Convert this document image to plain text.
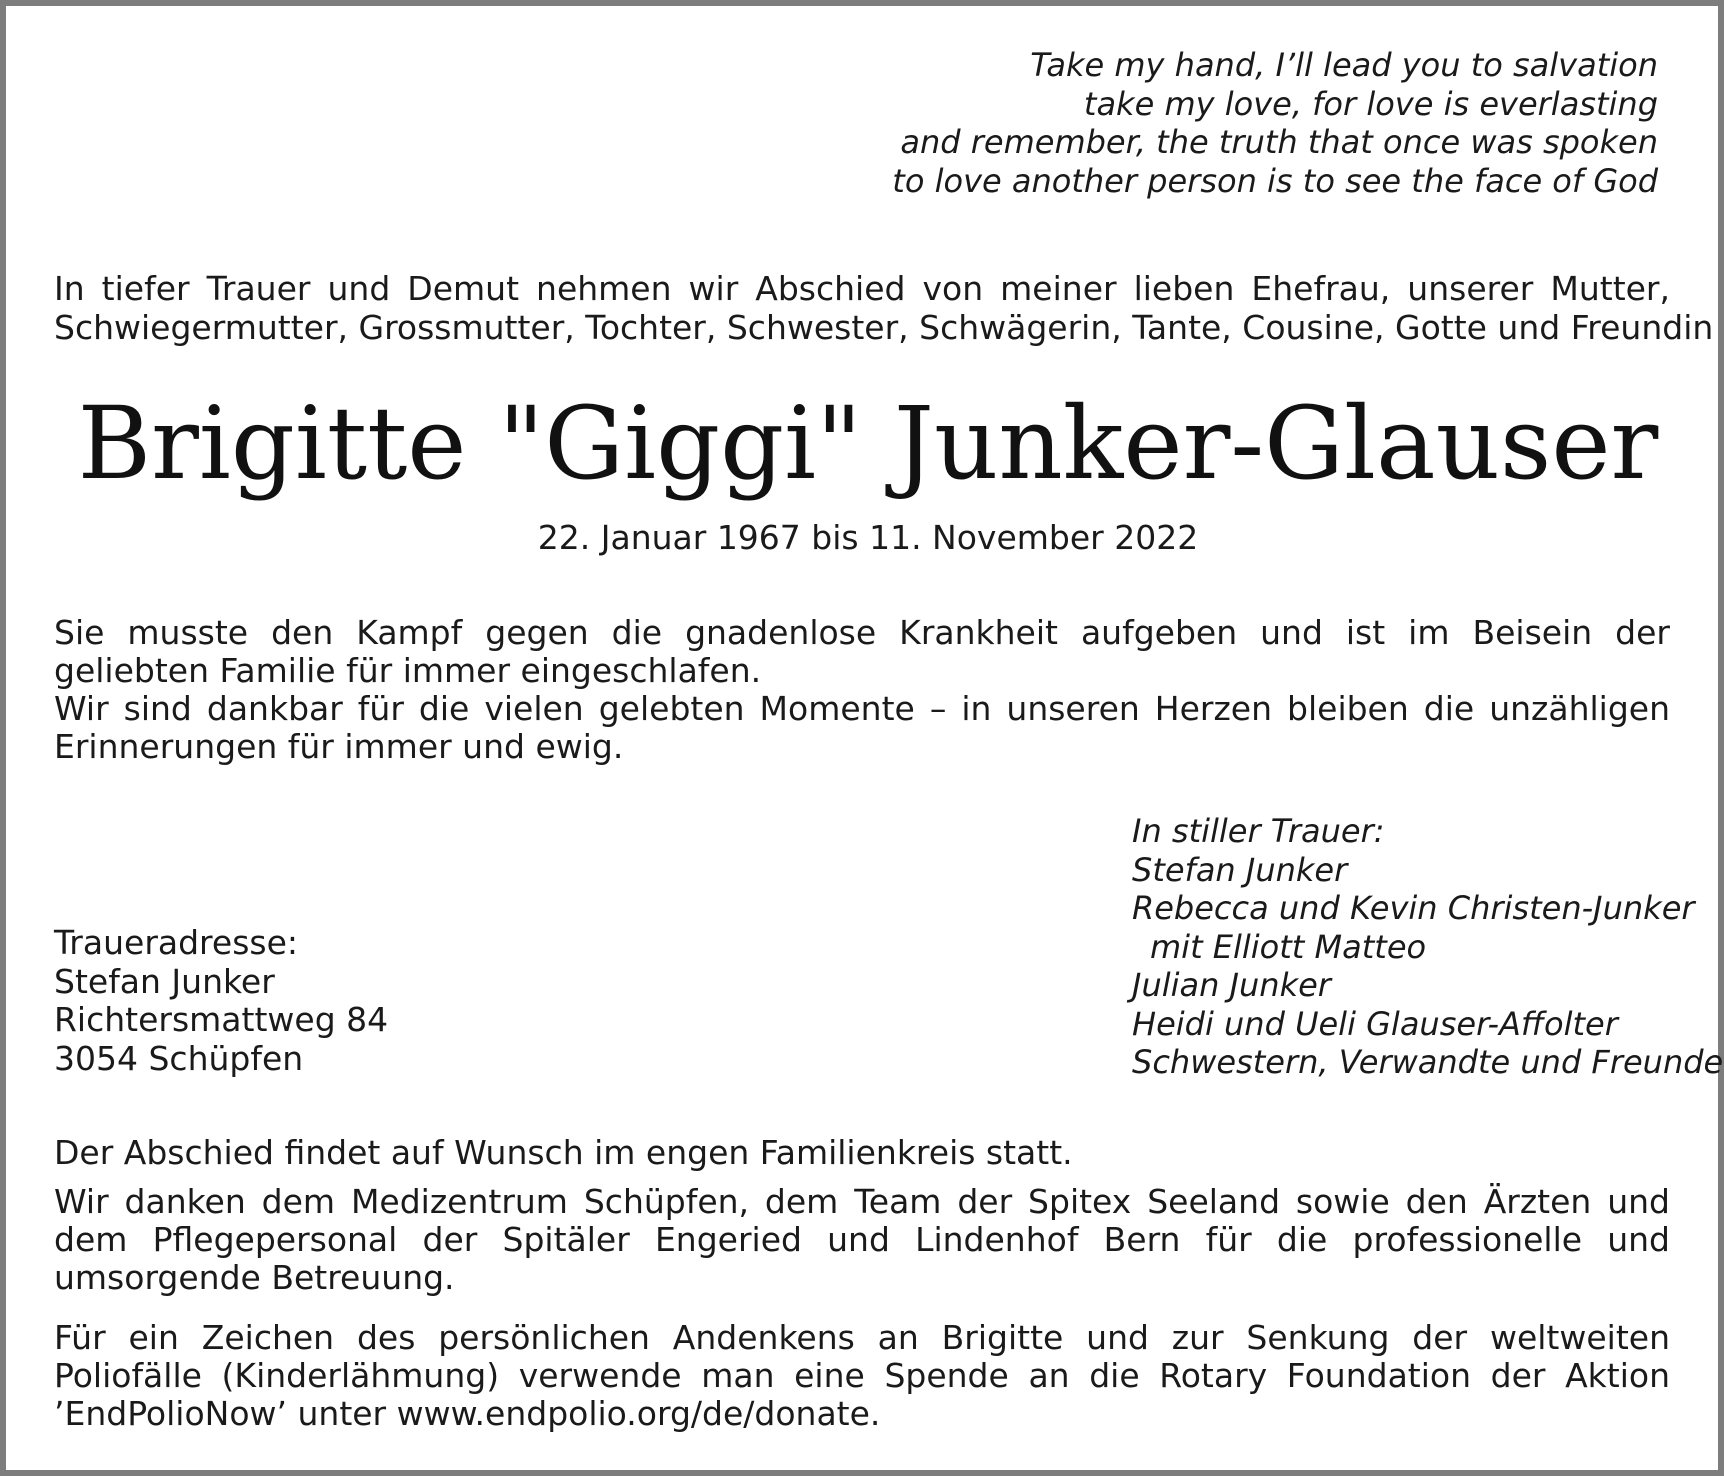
Take my hand, I’ll lead you to salvation
take my love, for love is everlasting
and remember, the truth that once was spoken
to love another person is to see the face of God

In tiefer Trauer und Demut nehmen wir Abschied von meiner lieben Ehefrau, unserer Mutter,

Schwiegermutter, Grossmutter, Tochter, Schwester, Schwägerin, Tante, Cousine, Gotte und Freundin

Brigitte "Giggi" Junker-Glauser

22. Januar 1967 bis 11. November 2022

Sie musste den Kampf gegen die gnadenlose Krankheit aufgeben und ist im Beisein der geliebten Familie für immer eingeschlafen.

Wir sind dankbar für die vielen gelebten Momente – in unseren Herzen bleiben die unzähligen Erinnerungen für immer und ewig.

In stiller Trauer:
Stefan Junker
Rebecca und Kevin Christen-Junker
mit Elliott Matteo
Julian Junker
Heidi und Ueli Glauser-Affolter
Schwestern, Verwandte und Freunde
Traueradresse:
Stefan Junker
Richtersmattweg 84
3054 Schüpfen

Der Abschied findet auf Wunsch im engen Familienkreis statt.

Wir danken dem Medizentrum Schüpfen, dem Team der Spitex Seeland sowie den Ärzten und dem Pflegepersonal der Spitäler Engeried und Lindenhof Bern für die professionelle und umsorgende Betreuung.

Für ein Zeichen des persönlichen Andenkens an Brigitte und zur Senkung der weltweiten Poliofälle (Kinderlähmung) verwende man eine Spende an die Rotary Foundation der Aktion ’EndPolioNow’ unter www.endpolio.org/de/donate.
